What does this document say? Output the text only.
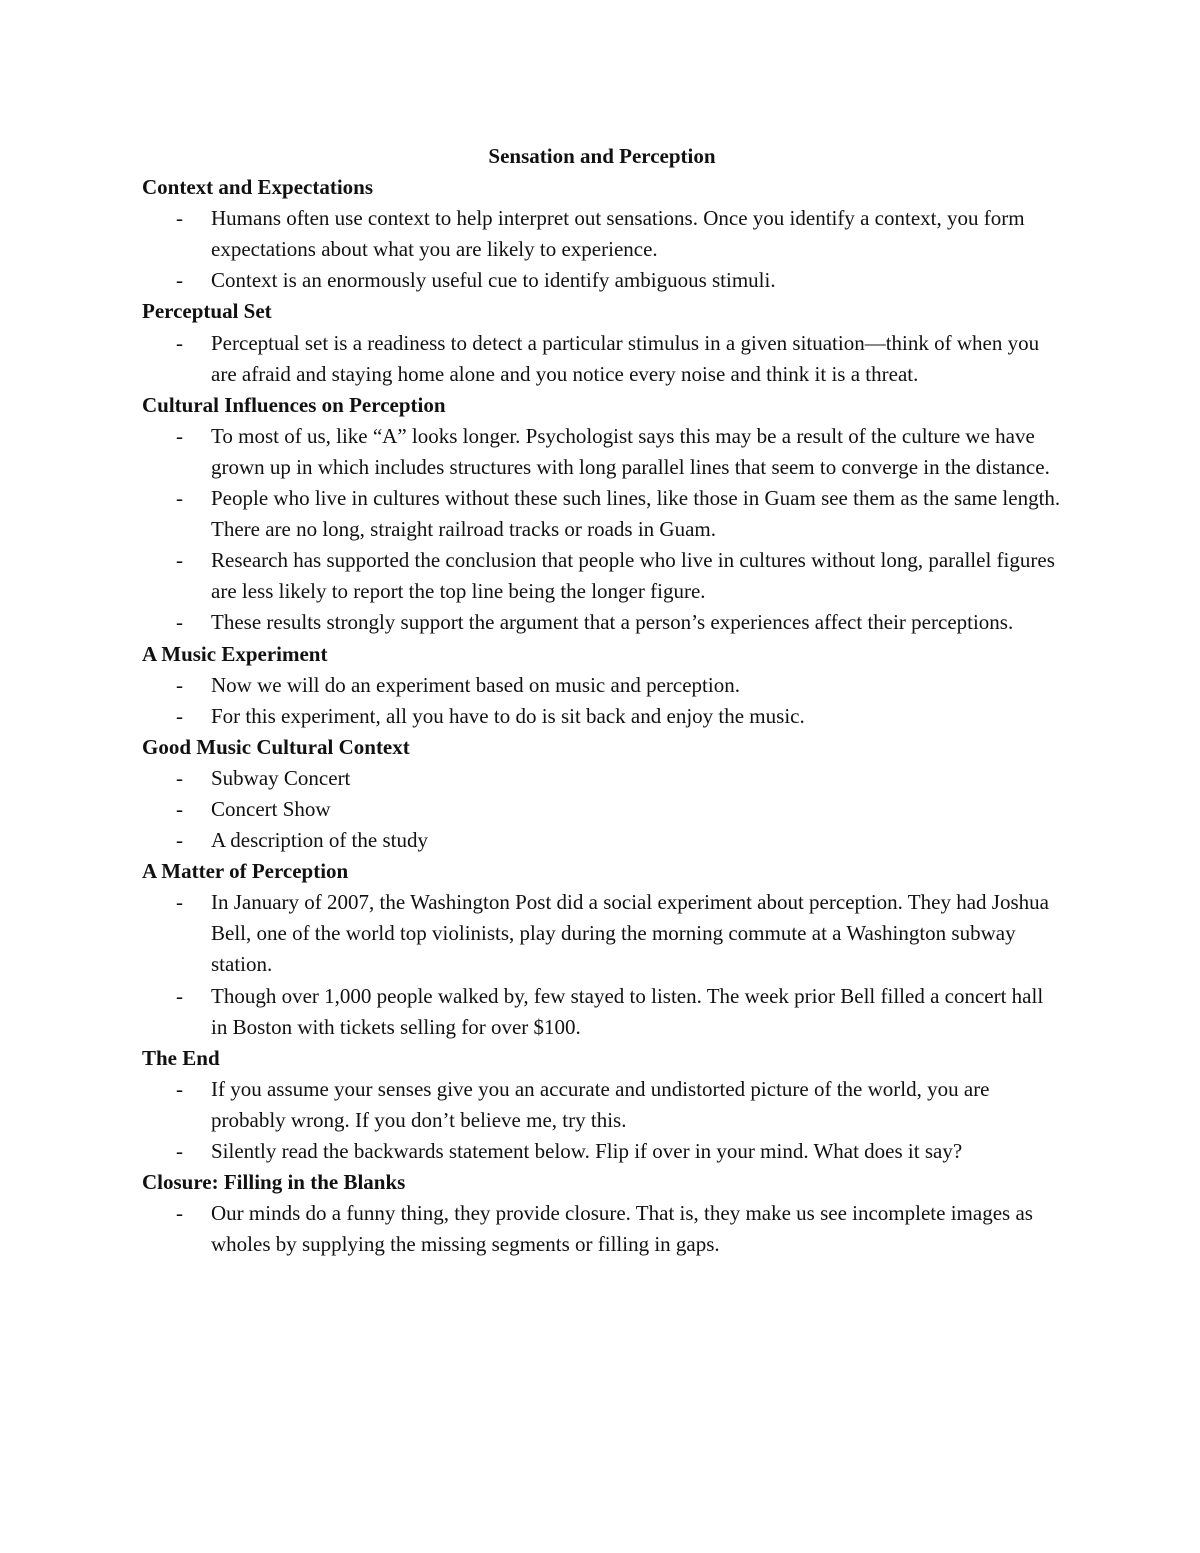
Sensation and Perception
Context and Expectations
- Humans often use context to help interpret out sensations. Once you identify a context, you form expectations about what you are likely to experience.
- Context is an enormously useful cue to identify ambiguous stimuli.
Perceptual Set
- Perceptual set is a readiness to detect a particular stimulus in a given situation—think of when you are afraid and staying home alone and you notice every noise and think it is a threat.
Cultural Influences on Perception
- To most of us, like “A” looks longer. Psychologist says this may be a result of the culture we have grown up in which includes structures with long parallel lines that seem to converge in the distance.
- People who live in cultures without these such lines, like those in Guam see them as the same length. There are no long, straight railroad tracks or roads in Guam.
- Research has supported the conclusion that people who live in cultures without long, parallel figures are less likely to report the top line being the longer figure.
- These results strongly support the argument that a person’s experiences affect their perceptions.
A Music Experiment
- Now we will do an experiment based on music and perception.
- For this experiment, all you have to do is sit back and enjoy the music.
Good Music Cultural Context
- Subway Concert
- Concert Show
- A description of the study
A Matter of Perception
- In January of 2007, the Washington Post did a social experiment about perception. They had Joshua Bell, one of the world top violinists, play during the morning commute at a Washington subway station.
- Though over 1,000 people walked by, few stayed to listen. The week prior Bell filled a concert hall in Boston with tickets selling for over $100.
The End
- If you assume your senses give you an accurate and undistorted picture of the world, you are probably wrong. If you don’t believe me, try this.
- Silently read the backwards statement below. Flip if over in your mind. What does it say?
Closure: Filling in the Blanks
- Our minds do a funny thing, they provide closure. That is, they make us see incomplete images as wholes by supplying the missing segments or filling in gaps.
